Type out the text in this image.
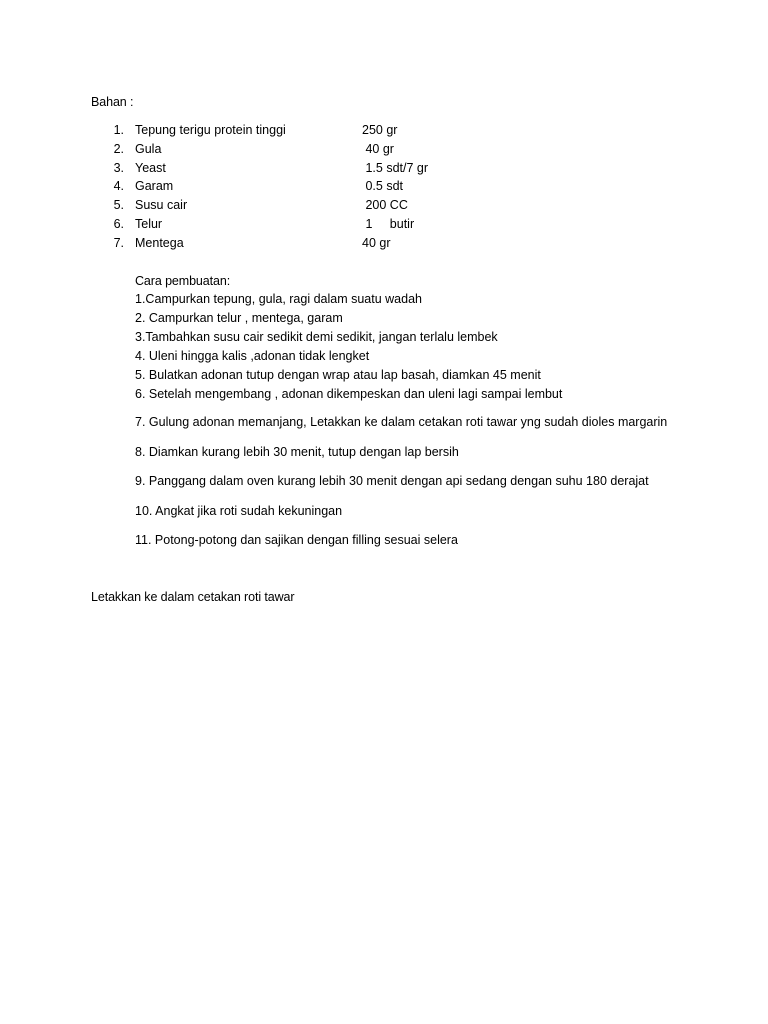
Bahan :
1. Tepung terigu protein tinggi	250 gr
2. Gula	40 gr
3. Yeast	1.5 sdt/7 gr
4. Garam	0.5 sdt
5. Susu cair	200 CC
6. Telur	1     butir
7. Mentega	40 gr
Cara pembuatan:
1.Campurkan tepung, gula, ragi dalam suatu wadah
2. Campurkan telur , mentega, garam
3.Tambahkan susu cair sedikit demi sedikit, jangan terlalu lembek
4. Uleni hingga kalis ,adonan tidak lengket
5. Bulatkan adonan tutup dengan wrap atau lap basah, diamkan 45 menit
6. Setelah mengembang , adonan dikempeskan dan uleni lagi sampai lembut
7. Gulung adonan memanjang, Letakkan ke dalam cetakan roti tawar yng sudah dioles margarin
8. Diamkan kurang lebih 30 menit, tutup dengan lap bersih
9. Panggang dalam oven kurang lebih 30 menit dengan api sedang dengan suhu 180 derajat
10. Angkat jika roti sudah kekuningan
11. Potong-potong dan sajikan dengan filling sesuai selera
Letakkan ke dalam cetakan roti tawar
